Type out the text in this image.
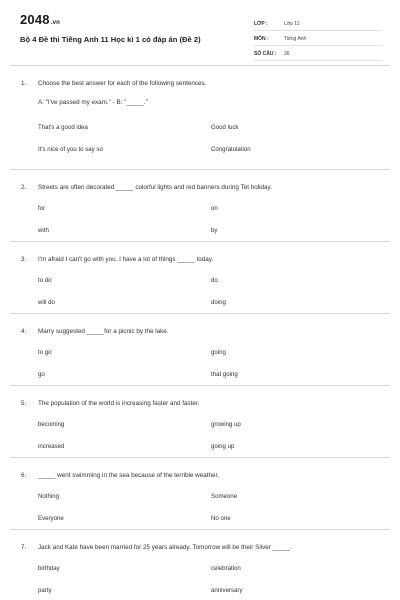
2048.vn
Bộ 4 Đề thi Tiếng Anh 11 Học kì 1 có đáp án (Đề 2)
LỚP :	Lớp 11
MÔN :	Tiếng Anh
SỐ CÂU : 36
1. Choose the best answer for each of the following sentences.
A: "I've passed my exam." - B: "_____."
That's a good idea	Good luck
It's nice of you to say so	Congratulation
2. Streets are often decorated _____ colorful lights and red banners during Tet holiday.
for	on
with	by
3. I'm afraid I can't go with you. I have a lot of things _____ today.
to do	do
will do	doing
4. Marry suggested _____for a picnic by the lake.
to go	going
go	that going
5. The population of the world is increasing faster and faster.
becoming	growing up
increased	going up
6. _____ went swimming in the sea because of the terrible weather.
Nothing	Someone
Everyone	No one
7. Jack and Kate have been married for 25 years already. Tomorrow will be their Silver _____.
birthday	celebration
party	anniversary
